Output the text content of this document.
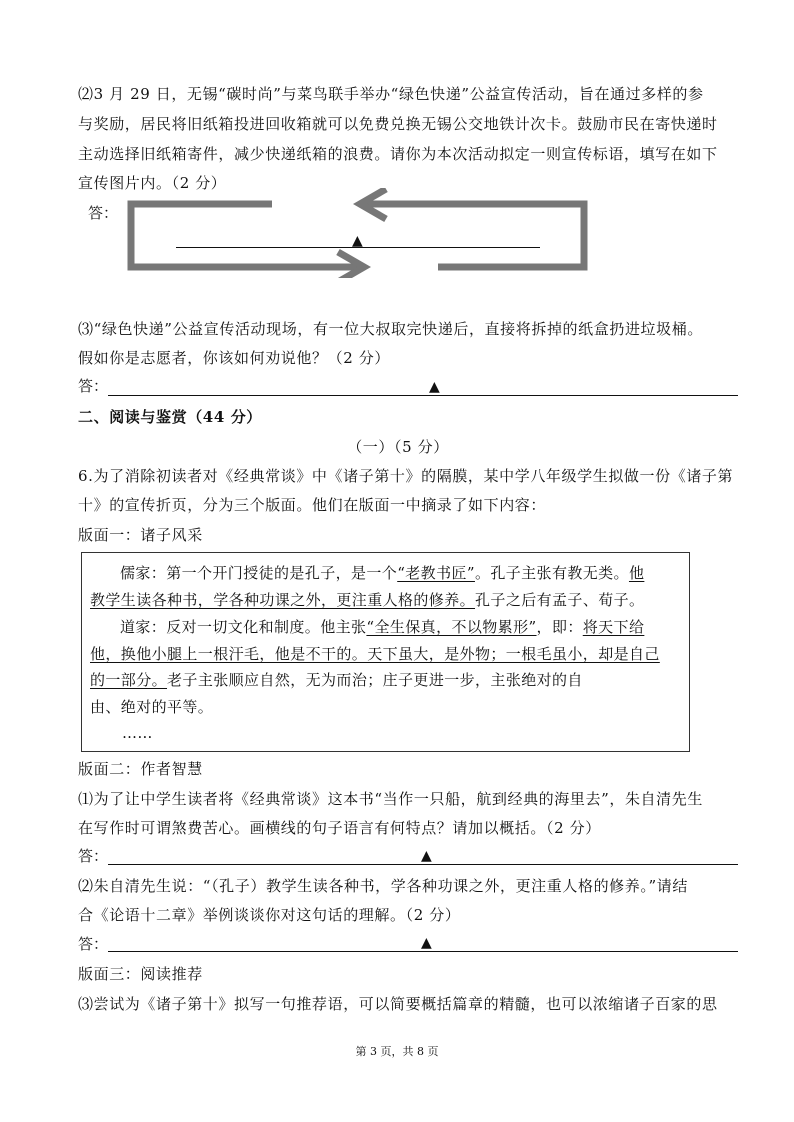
⑵3 月 29 日，无锡“碳时尚”与菜鸟联手举办“绿色快递”公益宣传活动，旨在通过多样的参
与奖励，居民将旧纸箱投进回收箱就可以免费兑换无锡公交地铁计次卡。鼓励市民在寄快递时
主动选择旧纸箱寄件，减少快递纸箱的浪费。请你为本次活动拟定一则宣传标语，填写在如下
宣传图片内。（2 分）
答：
▲
⑶“绿色快递”公益宣传活动现场，有一位大叔取完快递后，直接将拆掉的纸盒扔进垃圾桶。
假如你是志愿者，你该如何劝说他？（2 分）
答：	▲
二、阅读与鉴赏（44 分）
（一）（5 分）
6.为了消除初读者对《经典常谈》中《诸子第十》的隔膜，某中学八年级学生拟做一份《诸子第
十》的宣传折页，分为三个版面。他们在版面一中摘录了如下内容：
版面一：诸子风采
儒家：第一个开门授徒的是孔子，是一个“老教书匠”。孔子主张有教无类。他
教学生读各种书，学各种功课之外，更注重人格的修养。孔子之后有孟子、荀子。
道家：反对一切文化和制度。他主张“全生保真，不以物累形”，即：将天下给
他，换他小腿上一根汗毛，他是不干的。天下虽大，是外物；一根毛虽小，却是自己
的一部分。老子主张顺应自然，无为而治；庄子更进一步，主张绝对的自
由、绝对的平等。
……
版面二：作者智慧
⑴为了让中学生读者将《经典常谈》这本书“当作一只船，航到经典的海里去”，朱自清先生
在写作时可谓煞费苦心。画横线的句子语言有何特点？请加以概括。（2 分）
答：	▲
⑵朱自清先生说：“（孔子）教学生读各种书，学各种功课之外，更注重人格的修养。”请结
合《论语十二章》举例谈谈你对这句话的理解。（2 分）
答：	▲
版面三：阅读推荐
⑶尝试为《诸子第十》拟写一句推荐语，可以简要概括篇章的精髓，也可以浓缩诸子百家的思
第 3 页，共 8 页
